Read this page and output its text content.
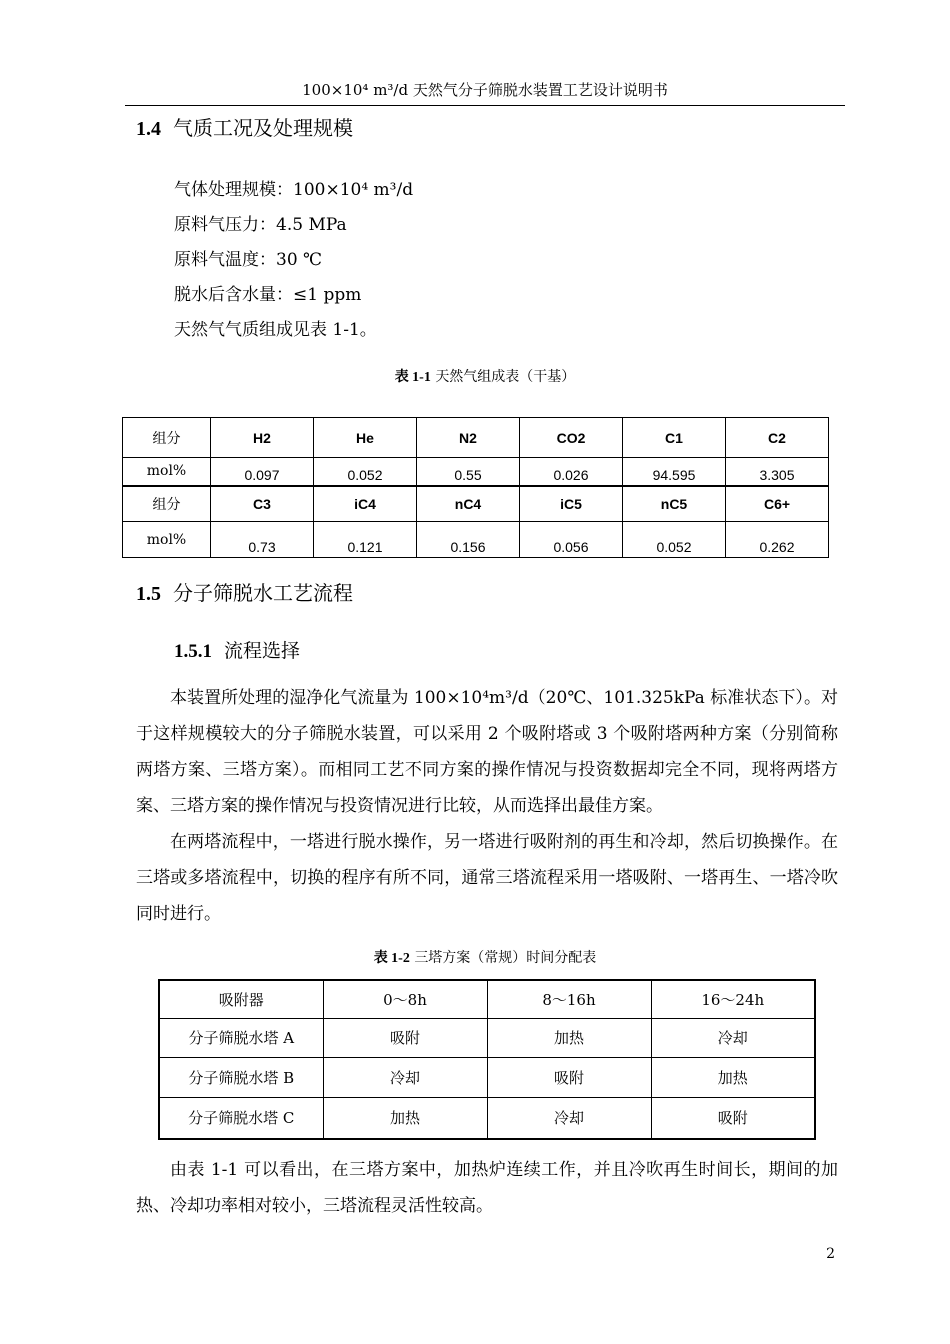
100×10⁴ m³/d 天然气分子筛脱水装置工艺设计说明书
1.4 气质工况及处理规模
气体处理规模：100×10⁴ m³/d
原料气压力：4.5 MPa
原料气温度：30 ℃
脱水后含水量：≤1 ppm
天然气气质组成见表 1-1。
表 1-1 天然气组成表（干基）
组分	H2	He	N2	CO2	C1	C2
mol%	0.097	0.052	0.55	0.026	94.595	3.305
组分	C3	iC4	nC4	iC5	nC5	C6+
mol%	0.73	0.121	0.156	0.056	0.052	0.262
1.5 分子筛脱水工艺流程
1.5.1 流程选择

本装置所处理的湿净化气流量为 100×10⁴m³/d（20℃、101.325kPa 标准状态下）。对于这样规模较大的分子筛脱水装置，可以采用 2 个吸附塔或 3 个吸附塔两种方案（分别简称两塔方案、三塔方案）。而相同工艺不同方案的操作情况与投资数据却完全不同，现将两塔方案、三塔方案的操作情况与投资情况进行比较，从而选择出最佳方案。

在两塔流程中，一塔进行脱水操作，另一塔进行吸附剂的再生和冷却，然后切换操作。在三塔或多塔流程中，切换的程序有所不同，通常三塔流程采用一塔吸附、一塔再生、一塔冷吹同时进行。

表 1-2 三塔方案（常规）时间分配表
吸附器	0～8h	8～16h	16～24h
分子筛脱水塔 A	吸附	加热	冷却
分子筛脱水塔 B	冷却	吸附	加热
分子筛脱水塔 C	加热	冷却	吸附

由表 1-1 可以看出，在三塔方案中，加热炉连续工作，并且冷吹再生时间长，期间的加热、冷却功率相对较小，三塔流程灵活性较高。

2
